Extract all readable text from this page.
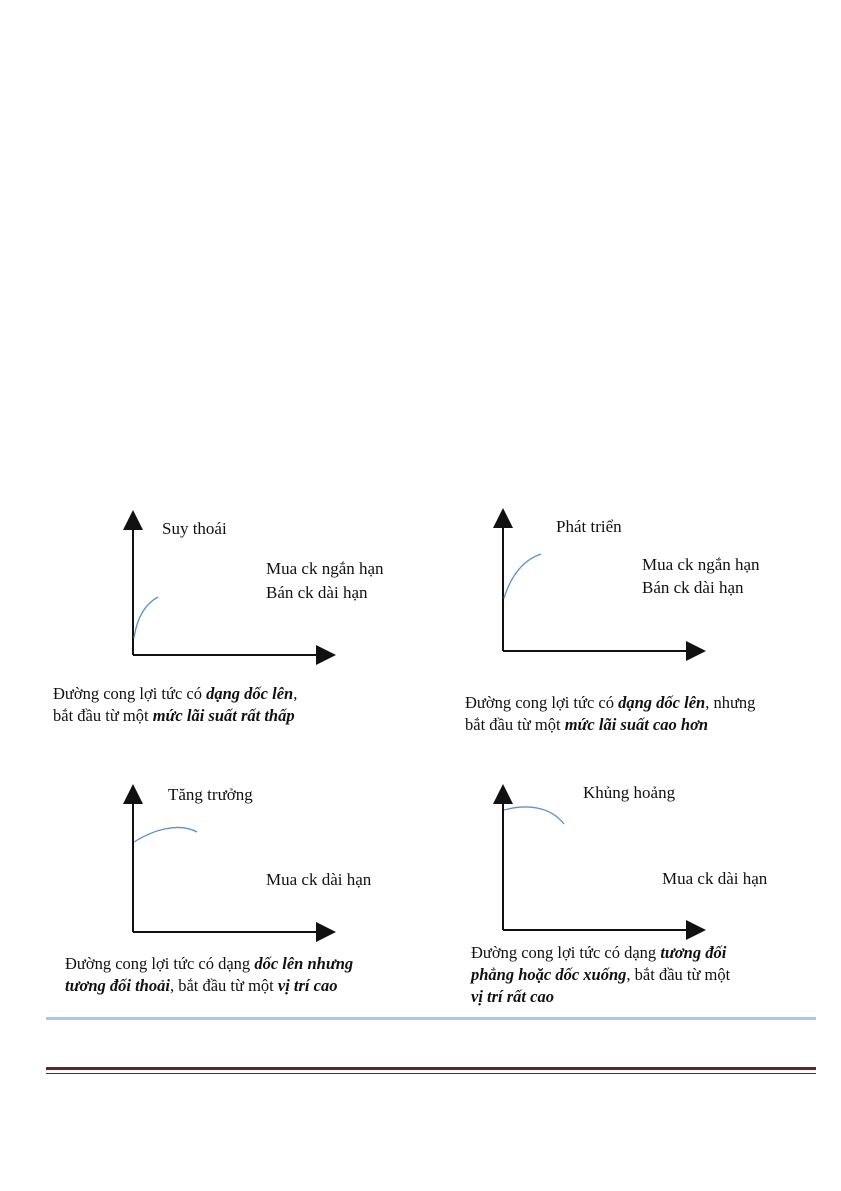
Suy thoái
Mua ck ngắn hạn
Bán ck dài hạn
Đường cong lợi tức có dạng dốc lên,
bắt đầu từ một mức lãi suất rất thấp
Phát triển
Mua ck ngắn hạn
Bán ck dài hạn
Đường cong lợi tức có dạng dốc lên, nhưng
bắt đầu từ một mức lãi suất cao hơn
Tăng trưởng
Mua ck dài hạn
Đường cong lợi tức có dạng dốc lên nhưng
tương đối thoải, bắt đầu từ một vị trí cao
Khủng hoảng
Mua ck dài hạn
Đường cong lợi tức có dạng tương đối
phẳng hoặc dốc xuống, bắt đầu từ một
vị trí rất cao
